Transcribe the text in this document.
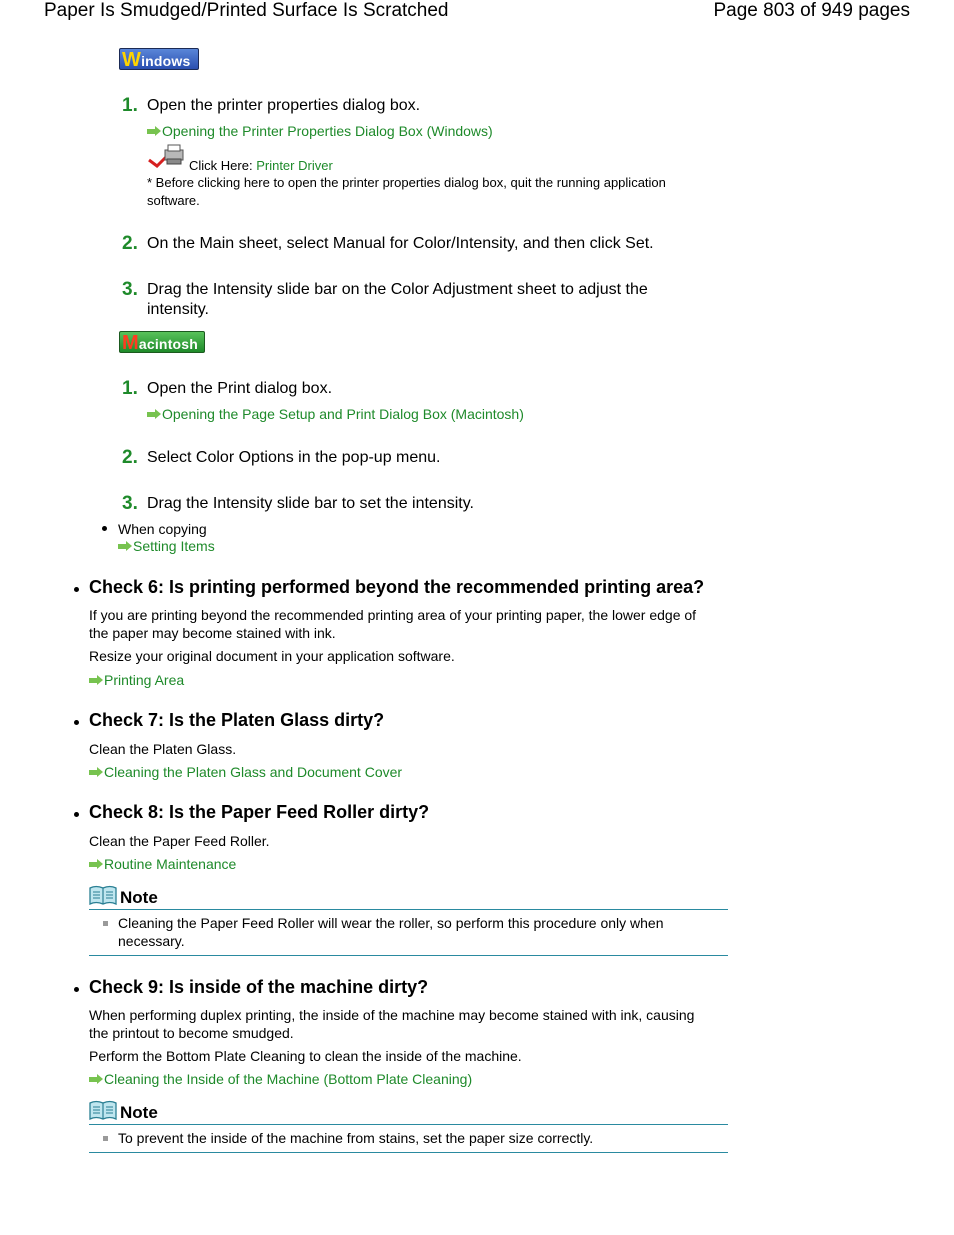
Paper Is Smudged/Printed Surface Is Scratched	Page 803 of 949 pages
Windows
1. Open the printer properties dialog box.
Opening the Printer Properties Dialog Box (Windows)
Click Here: Printer Driver
* Before clicking here to open the printer properties dialog box, quit the running application
software.
2. On the Main sheet, select Manual for Color/Intensity, and then click Set.
3. Drag the Intensity slide bar on the Color Adjustment sheet to adjust the
intensity.
Macintosh
1. Open the Print dialog box.
Opening the Page Setup and Print Dialog Box (Macintosh)
2. Select Color Options in the pop-up menu.
3. Drag the Intensity slide bar to set the intensity.
When copying
Setting Items
Check 6: Is printing performed beyond the recommended printing area?
If you are printing beyond the recommended printing area of your printing paper, the lower edge of
the paper may become stained with ink.
Resize your original document in your application software.
Printing Area
Check 7: Is the Platen Glass dirty?
Clean the Platen Glass.
Cleaning the Platen Glass and Document Cover
Check 8: Is the Paper Feed Roller dirty?
Clean the Paper Feed Roller.
Routine Maintenance
Note
Cleaning the Paper Feed Roller will wear the roller, so perform this procedure only when
necessary.
Check 9: Is inside of the machine dirty?
When performing duplex printing, the inside of the machine may become stained with ink, causing
the printout to become smudged.
Perform the Bottom Plate Cleaning to clean the inside of the machine.
Cleaning the Inside of the Machine (Bottom Plate Cleaning)
Note
To prevent the inside of the machine from stains, set the paper size correctly.
